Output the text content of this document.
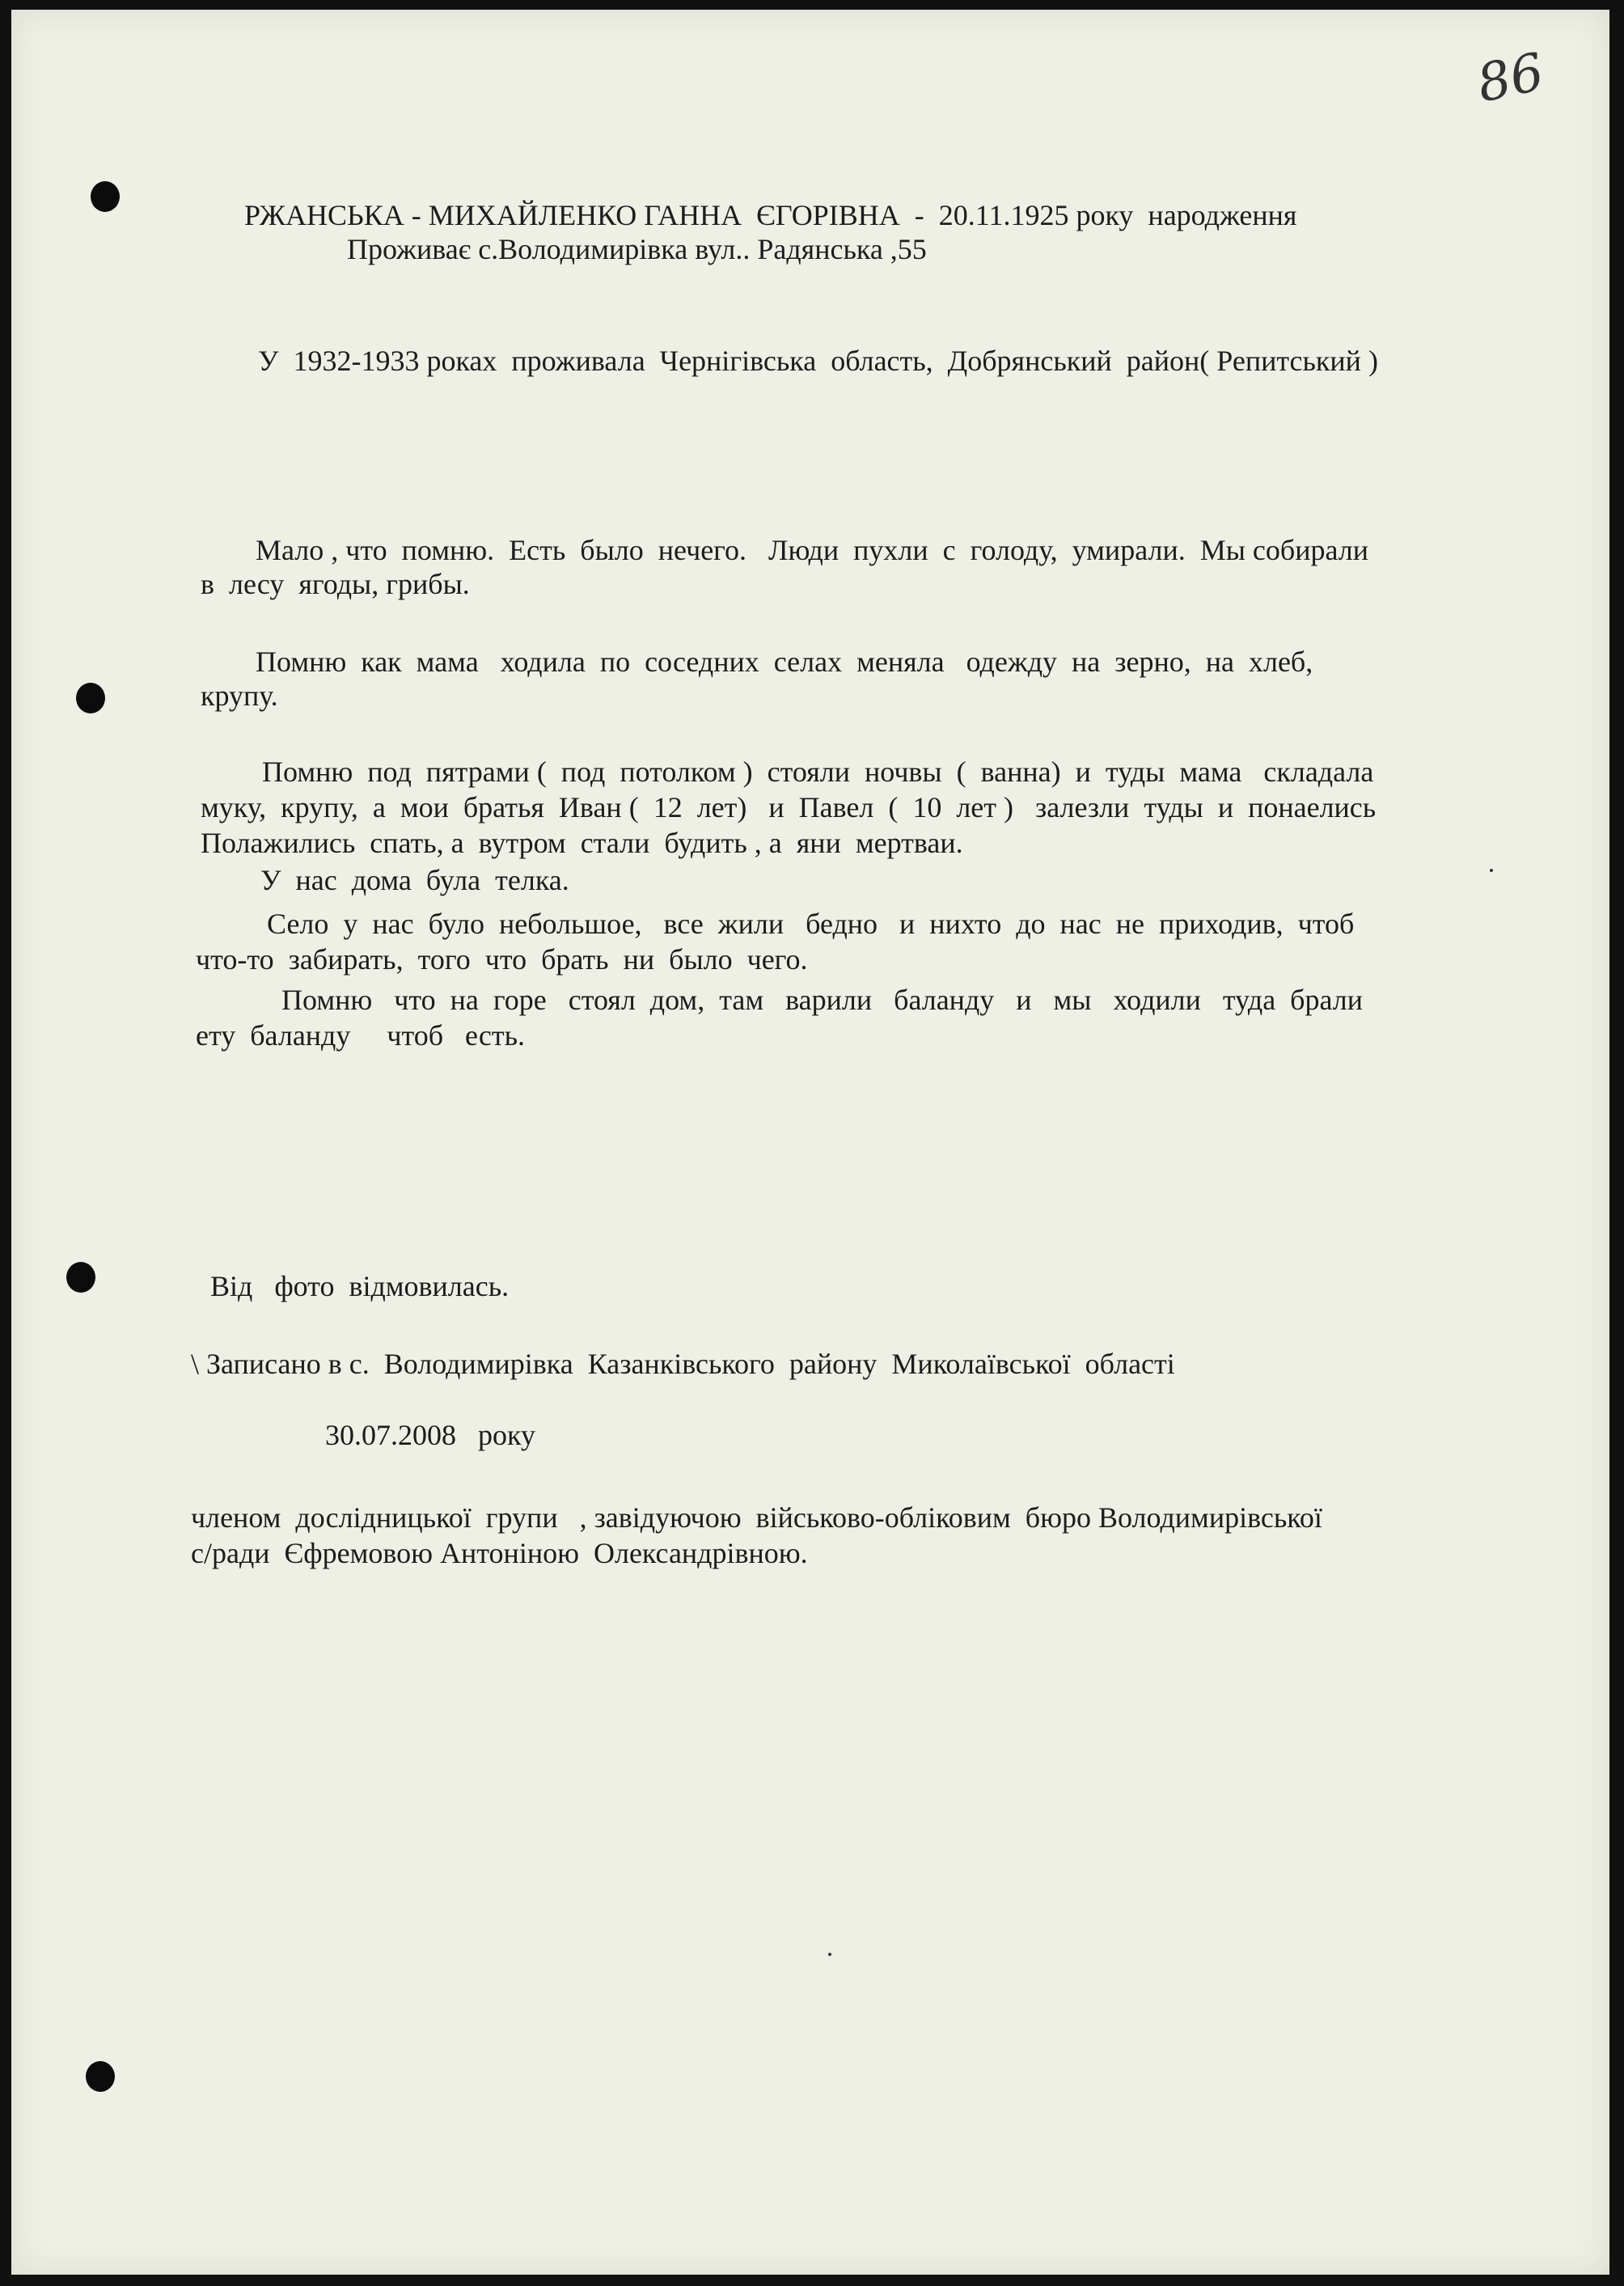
86
РЖАНСЬКА - МИХАЙЛЕНКО ГАННА  ЄГОРІВНА  -  20.11.1925 року  народження
Проживає с.Володимирівка вул.. Радянська ,55
У  1932-1933 роках  проживала  Чернігівська  область,  Добрянський  район( Репитський )
Мало , что  помню.  Есть  было  нечего.   Люди  пухли  с  голоду,  умирали.  Мы собирали
в  лесу  ягоды, грибы.
Помню  как  мама   ходила  по  соседних  селах  меняла   одежду  на  зерно,  на  хлеб,
крупу.
Помню  под  пятрами (  под  потолком )  стояли  ночвы  (  ванна)  и  туды  мама   складала
муку,  крупу,  а  мои  братья  Иван (  12  лет)   и  Павел  (  10  лет )   залезли  туды  и  понаелись
Полажились  спать, а  вутром  стали  будить , а  яни  мертваи.
У  нас  дома  була  телка.
Село  у  нас  було  небольшое,   все  жили   бедно   и  нихто  до  нас  не  приходив,  чтоб
что-то  забирать,  того  что  брать  ни  было  чего.
Помню   что  на  горе   стоял  дом,  там   варили   баланду   и   мы   ходили   туда  брали
ету  баланду     чтоб   есть.
Від   фото  відмовилась.
\ Записано в с.  Володимирівка  Казанківського  району  Миколаївської  області
30.07.2008   року
членом  дослідницької  групи   , завідуючою  військово-обліковим  бюро Володимирівської
с/ради  Єфремовою Антоніною  Олександрівною.
